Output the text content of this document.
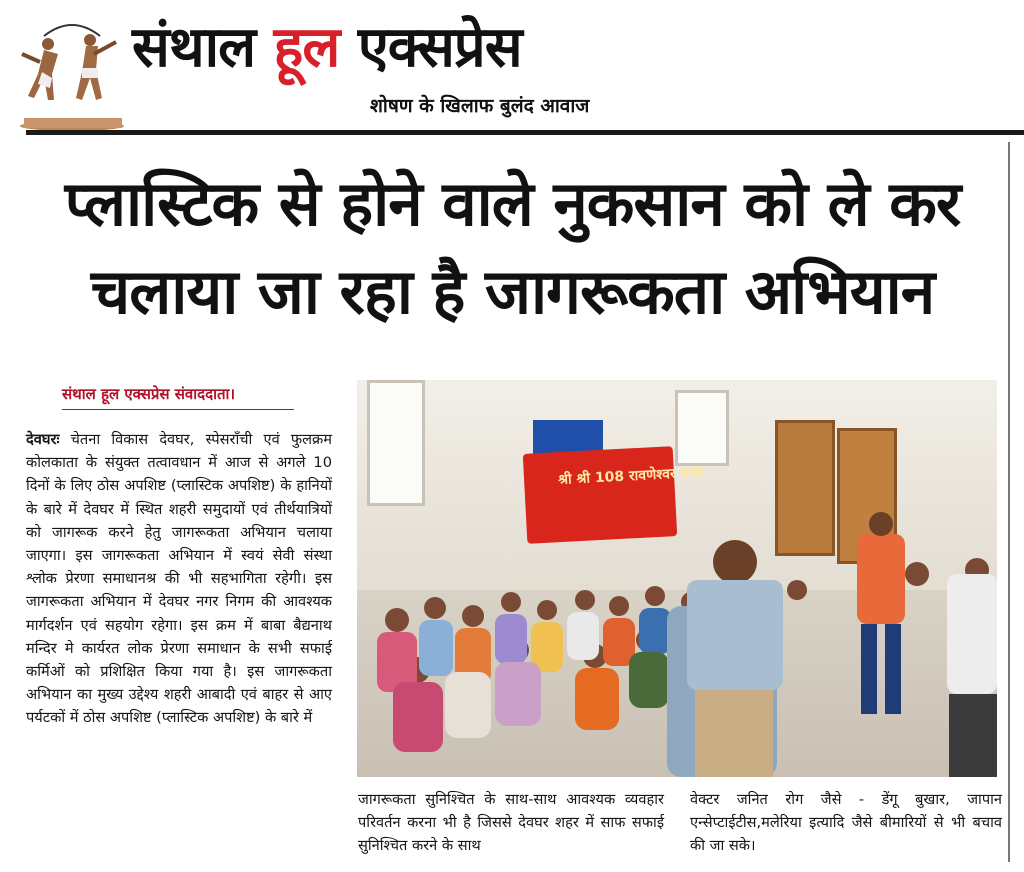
संथाल हूल एक्सप्रेस
शोषण के खिलाफ बुलंद आवाज
प्लास्टिक से होने वाले नुकसान को ले कर
चलाया जा रहा है जागरूकता अभियान
संथाल हूल एक्सप्रेस संवाददाता।
देवघरः चेतना विकास देवघर, स्पेसराँची एवं फुलक्रम कोलकाता के संयुक्त तत्वावधान में आज से अगले 10 दिनों के लिए ठोस अपशिष्ट (प्लास्टिक अपशिष्ट) के हानियों के बारे में देवघर में स्थित शहरी समुदायों एवं तीर्थयात्रियों को जागरूक करने हेतु जागरूकता अभियान चलाया जाएगा। इस जागरूकता अभियान में स्वयं सेवी संस्था श्लोक प्रेरणा समाधानश्र की भी सहभागिता रहेगी। इस जागरूकता अभियान में देवघर नगर निगम की आवश्यक मार्गदर्शन एवं सहयोग रहेगा। इस क्रम में बाबा बैद्यनाथ मन्दिर मे कार्यरत लोक प्रेरणा समाधान के सभी सफाई कर्मिओं को प्रशिक्षित किया गया है। इस जागरूकता अभियान का मुख्य उद्देश्य शहरी आबादी एवं बाहर से आए पर्यटकों में ठोस अपशिष्ट (प्लास्टिक अपशिष्ट) के बारे में
श्री श्री 108 रावणेश्वर बाबा
जागरूकता सुनिश्चित के साथ-साथ आवश्यक व्यवहार परिवर्तन करना भी है जिससे देवघर शहर में साफ सफाई सुनिश्चित करने के साथ
वेक्टर जनित रोग जैसे - डेंगू बुखार, जापान एन्सेप्टाईटीस,मलेरिया इत्यादि जैसे बीमारियों से भी बचाव की जा सके।
